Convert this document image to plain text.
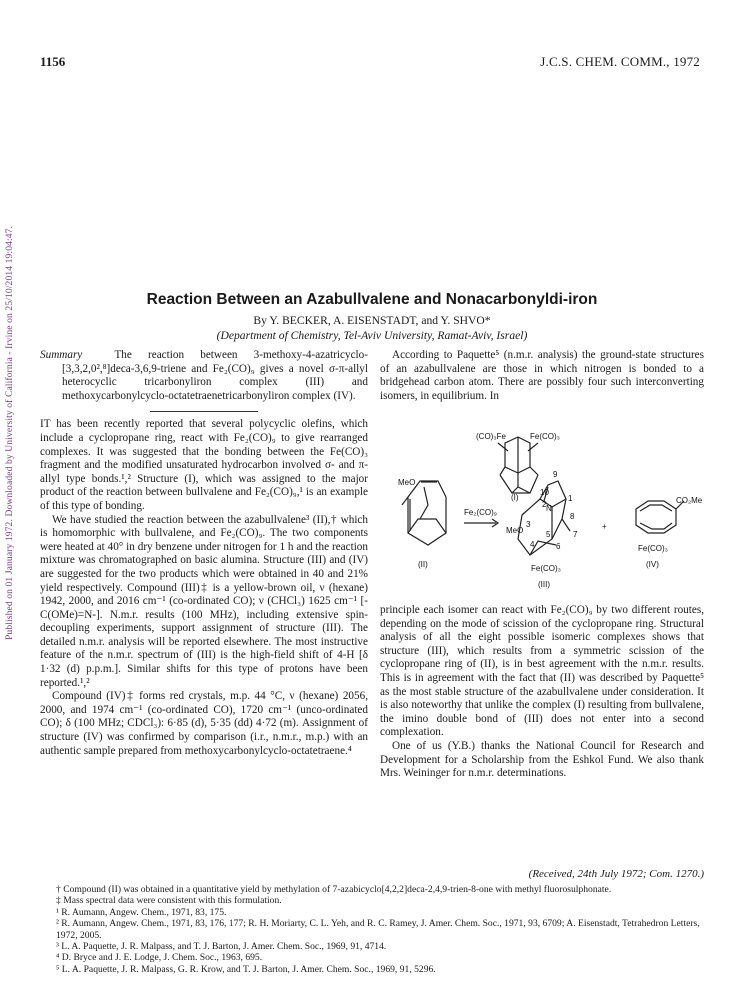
Published on 01 January 1972. Downloaded by University of California - Irvine on 25/10/2014 19:04:47.
1156	J.C.S. CHEM. COMM., 1972
Reaction Between an Azabullvalene and Nonacarbonyldi-iron
By Y. BECKER, A. EISENSTADT, and Y. SHVO*
(Department of Chemistry, Tel-Aviv University, Ramat-Aviv, Israel)

Summary	The reaction between 3-methoxy-4-azatricyclo-[3,3,2,0²,⁸]deca-3,6,9-triene and Fe₂(CO)₉ gives a novel σ-π-allyl heterocyclic tricarbonyliron complex (III) and methoxycarbonylcyclo-octatetraenetricarbonyliron complex (IV).

IT has been recently reported that several polycyclic olefins, which include a cyclopropane ring, react with Fe₂(CO)₉ to give rearranged complexes. It was suggested that the bonding between the Fe(CO)₃ fragment and the modified unsaturated hydrocarbon involved σ- and π-allyl type bonds.¹,² Structure (I), which was assigned to the major product of the reaction between bullvalene and Fe₂(CO)₉,¹ is an example of this type of bonding.

We have studied the reaction between the azabullvalene³ (II),† which is homomorphic with bullvalene, and Fe₂(CO)₉. The two components were heated at 40° in dry benzene under nitrogen for 1 h and the reaction mixture was chromatographed on basic alumina. Structure (III) and (IV) are suggested for the two products which were obtained in 40 and 21% yield respectively. Compound (III)‡ is a yellow-brown oil, ν (hexane) 1942, 2000, and 2016 cm⁻¹ (co-ordinated CO); ν (CHCl₃) 1625 cm⁻¹ [-C(OMe)=N-]. N.m.r. results (100 MHz), including extensive spin-decoupling experiments, support assignment of structure (III). The detailed n.m.r. analysis will be reported elsewhere. The most instructive feature of the n.m.r. spectrum of (III) is the high-field shift of 4-H [δ 1·32 (d) p.p.m.]. Similar shifts for this type of protons have been reported.¹,²

Compound (IV)‡ forms red crystals, m.p. 44 °C, ν (hexane) 2056, 2000, and 1974 cm⁻¹ (co-ordinated CO), 1720 cm⁻¹ (unco-ordinated CO); δ (100 MHz; CDCl₃): 6·85 (d), 5·35 (dd) 4·72 (m). Assignment of structure (IV) was confirmed by comparison (i.r., n.m.r., m.p.) with an authentic sample prepared from methoxycarbonylcyclo-octatetraene.⁴

According to Paquette⁵ (n.m.r. analysis) the ground-state structures of an azabullvalene are those in which nitrogen is bonded to a bridgehead carbon atom. There are possibly four such interconverting isomers, in equilibrium. In

(CO)₃Fe	Fe(CO)₃
(I)
MeO
(II)
Fe₂(CO)₉
MeO
Fe(CO)₃
(III)
N
9
10
2
1
8
3
7
4
5
6
+
CO₂Me
Fe(CO)₃
(IV)

principle each isomer can react with Fe₂(CO)₉ by two different routes, depending on the mode of scission of the cyclopropane ring. Structural analysis of all the eight possible isomeric complexes shows that structure (III), which results from a symmetric scission of the cyclopropane ring of (II), is in best agreement with the n.m.r. results. This is in agreement with the fact that (II) was described by Paquette⁵ as the most stable structure of the azabullvalene under consideration. It is also noteworthy that unlike the complex (I) resulting from bullvalene, the imino double bond of (III) does not enter into a second complexation.

One of us (Y.B.) thanks the National Council for Research and Development for a Scholarship from the Eshkol Fund. We also thank Mrs. Weininger for n.m.r. determinations.

(Received, 24th July 1972; Com. 1270.)

† Compound (II) was obtained in a quantitative yield by methylation of 7-azabicyclo[4,2,2]deca-2,4,9-trien-8-one with methyl fluorosulphonate.

‡ Mass spectral data were consistent with this formulation.

¹ R. Aumann, Angew. Chem., 1971, 83, 175.

² R. Aumann, Angew. Chem., 1971, 83, 176, 177; R. H. Moriarty, C. L. Yeh, and R. C. Ramey, J. Amer. Chem. Soc., 1971, 93, 6709; A. Eisenstadt, Tetrahedron Letters, 1972, 2005.

³ L. A. Paquette, J. R. Malpass, and T. J. Barton, J. Amer. Chem. Soc., 1969, 91, 4714.

⁴ D. Bryce and J. E. Lodge, J. Chem. Soc., 1963, 695.

⁵ L. A. Paquette, J. R. Malpass, G. R. Krow, and T. J. Barton, J. Amer. Chem. Soc., 1969, 91, 5296.
